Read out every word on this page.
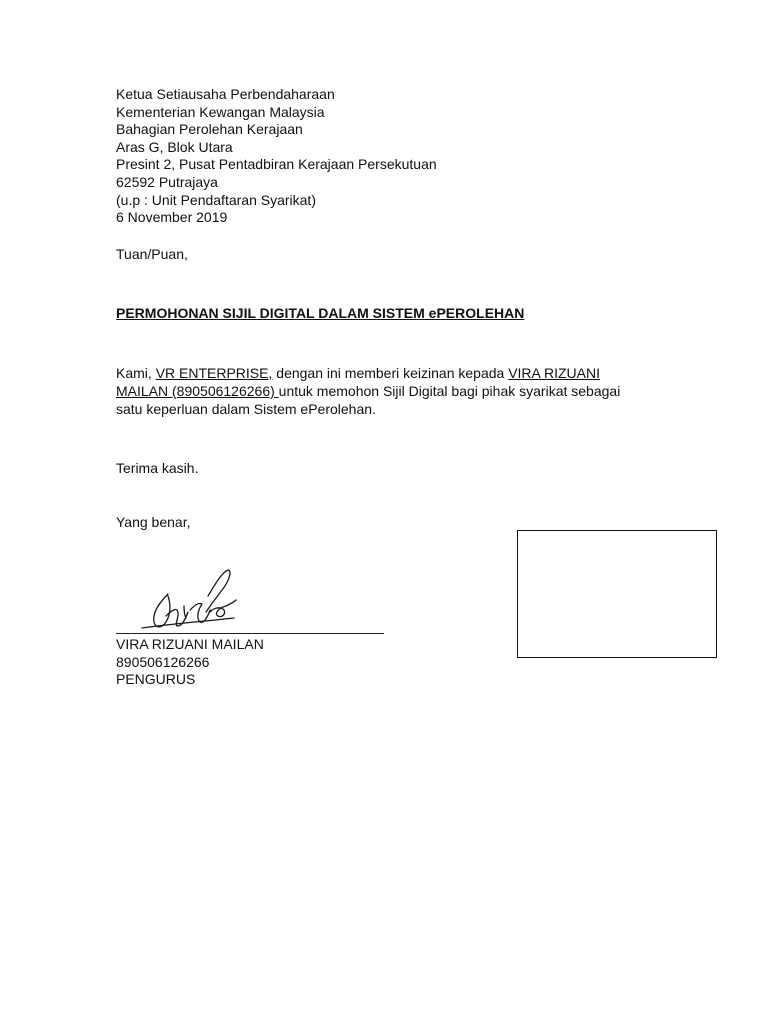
Ketua Setiausaha Perbendaharaan
Kementerian Kewangan Malaysia
Bahagian Perolehan Kerajaan
Aras G, Blok Utara
Presint 2, Pusat Pentadbiran Kerajaan Persekutuan
62592 Putrajaya
(u.p : Unit Pendaftaran Syarikat)
6 November 2019
Tuan/Puan,
PERMOHONAN SIJIL DIGITAL DALAM SISTEM ePEROLEHAN
Kami, VR ENTERPRISE, dengan ini memberi keizinan kepada VIRA RIZUANI
MAILAN (890506126266) untuk memohon Sijil Digital bagi pihak syarikat sebagai
satu keperluan dalam Sistem ePerolehan.
Terima kasih.
Yang benar,
VIRA RIZUANI MAILAN
890506126266
PENGURUS
